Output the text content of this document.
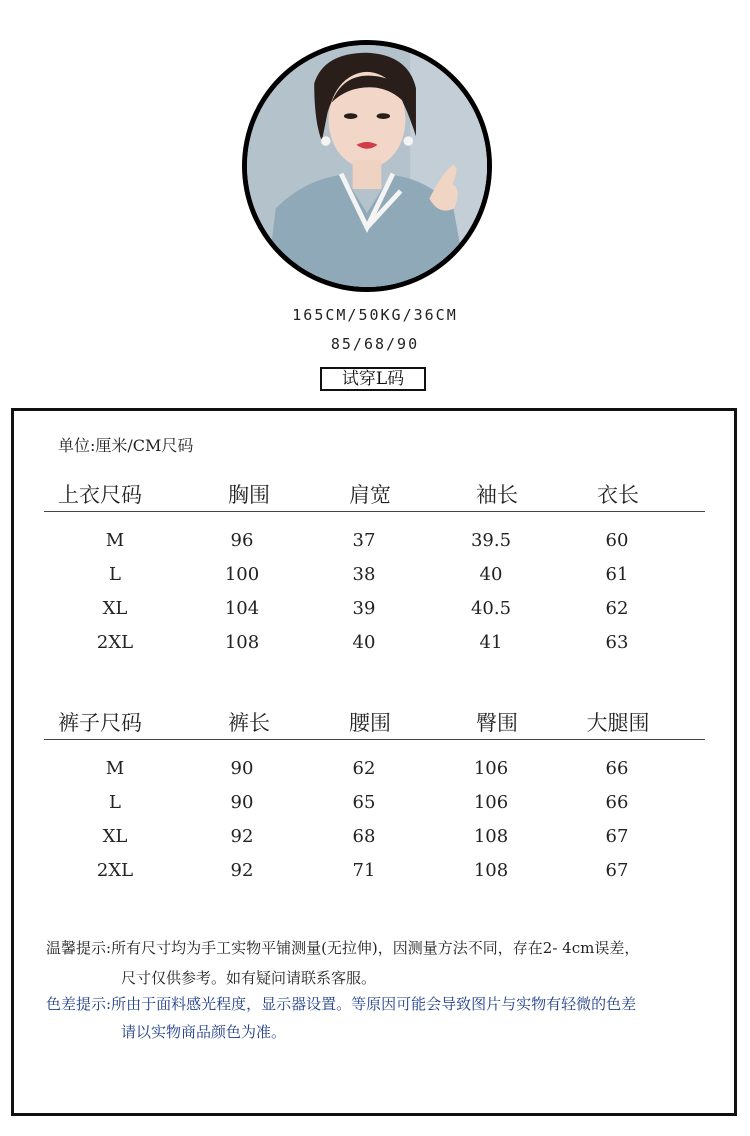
165CM/50KG/36CM
85/68/90
试穿L码
单位:厘米/CM尺码
上衣尺码	胸围	肩宽	袖长	衣长
M	96	37	39.5	60
L	100	38	40	61
XL	104	39	40.5	62
2XL	108	40	41	63
裤子尺码	裤长	腰围	臀围	大腿围
M	90	62	106	66
L	90	65	106	66
XL	92	68	108	67
2XL	92	71	108	67
温馨提示:所有尺寸均为手工实物平铺测量(无拉伸)，因测量方法不同，存在2- 4cm误差，
尺寸仅供参考。如有疑问请联系客服。
色差提示:所由于面料感光程度，显示器设置。等原因可能会导致图片与实物有轻微的色差
请以实物商品颜色为准。
